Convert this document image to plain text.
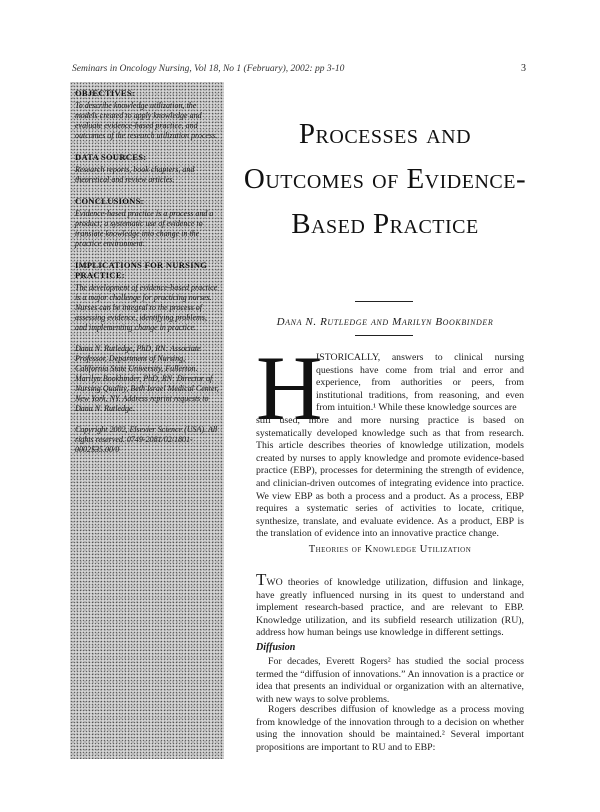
Seminars in Oncology Nursing, Vol 18, No 1 (February), 2002: pp 3-10	3
OBJECTIVES:
To describe knowledge utilization, the models created to apply knowledge and evaluate evidence-based practice, and outcomes of the research utilization process.
DATA SOURCES:
Research reports, book chapters, and theoretical and review articles.
CONCLUSIONS:
Evidence-based practice is a process and a product; a systematic use of evidence to translate knowledge into change in the practice environment.
IMPLICATIONS FOR NURSING PRACTICE:
The development of evidence-based practice is a major challenge for practicing nurses. Nurses can be integral to the process of assessing evidence, identifying problems, and implementing change in practice.
Dana N. Rutledge, PhD, RN: Associate Professor, Department of Nursing, California State University, Fullerton. Marilyn Bookbinder, PhD, RN: Director of Nursing Quality, Beth Israel Medical Center, New York, NY. Address reprint requests to Dana N. Rutledge.
Copyright 2002, Elsevier Science (USA). All rights reserved. 0749-2081/02/1801-0002$35.00/0
Processes and Outcomes of Evidence-Based Practice
Dana N. Rutledge and Marilyn Bookbinder
H
ISTORICALLY, answers to clinical nursing questions have come from trial and error and experience, from authorities or peers, from institutional traditions, from reasoning, and even from intuition.¹ While these knowledge sources are
still used, more and more nursing practice is based on systematically developed knowledge such as that from research. This article describes theories of knowledge utilization, models created by nurses to apply knowledge and promote evidence-based practice (EBP), processes for determining the strength of evidence, and clinician-driven outcomes of integrating evidence into practice. We view EBP as both a process and a product. As a process, EBP requires a systematic series of activities to locate, critique, synthesize, translate, and evaluate evidence. As a product, EBP is the translation of evidence into an innovative practice change.
Theories of Knowledge Utilization
TWO theories of knowledge utilization, diffusion and linkage, have greatly influenced nursing in its quest to understand and implement research-based practice, and are relevant to EBP. Knowledge utilization, and its subfield research utilization (RU), address how human beings use knowledge in different settings.
Diffusion
For decades, Everett Rogers² has studied the social process termed the “diffusion of innovations.” An innovation is a practice or idea that presents an individual or organization with an alternative, with new ways to solve problems.
Rogers describes diffusion of knowledge as a process moving from knowledge of the innovation through to a decision on whether using the innovation should be maintained.² Several important propositions are important to RU and to EBP:
